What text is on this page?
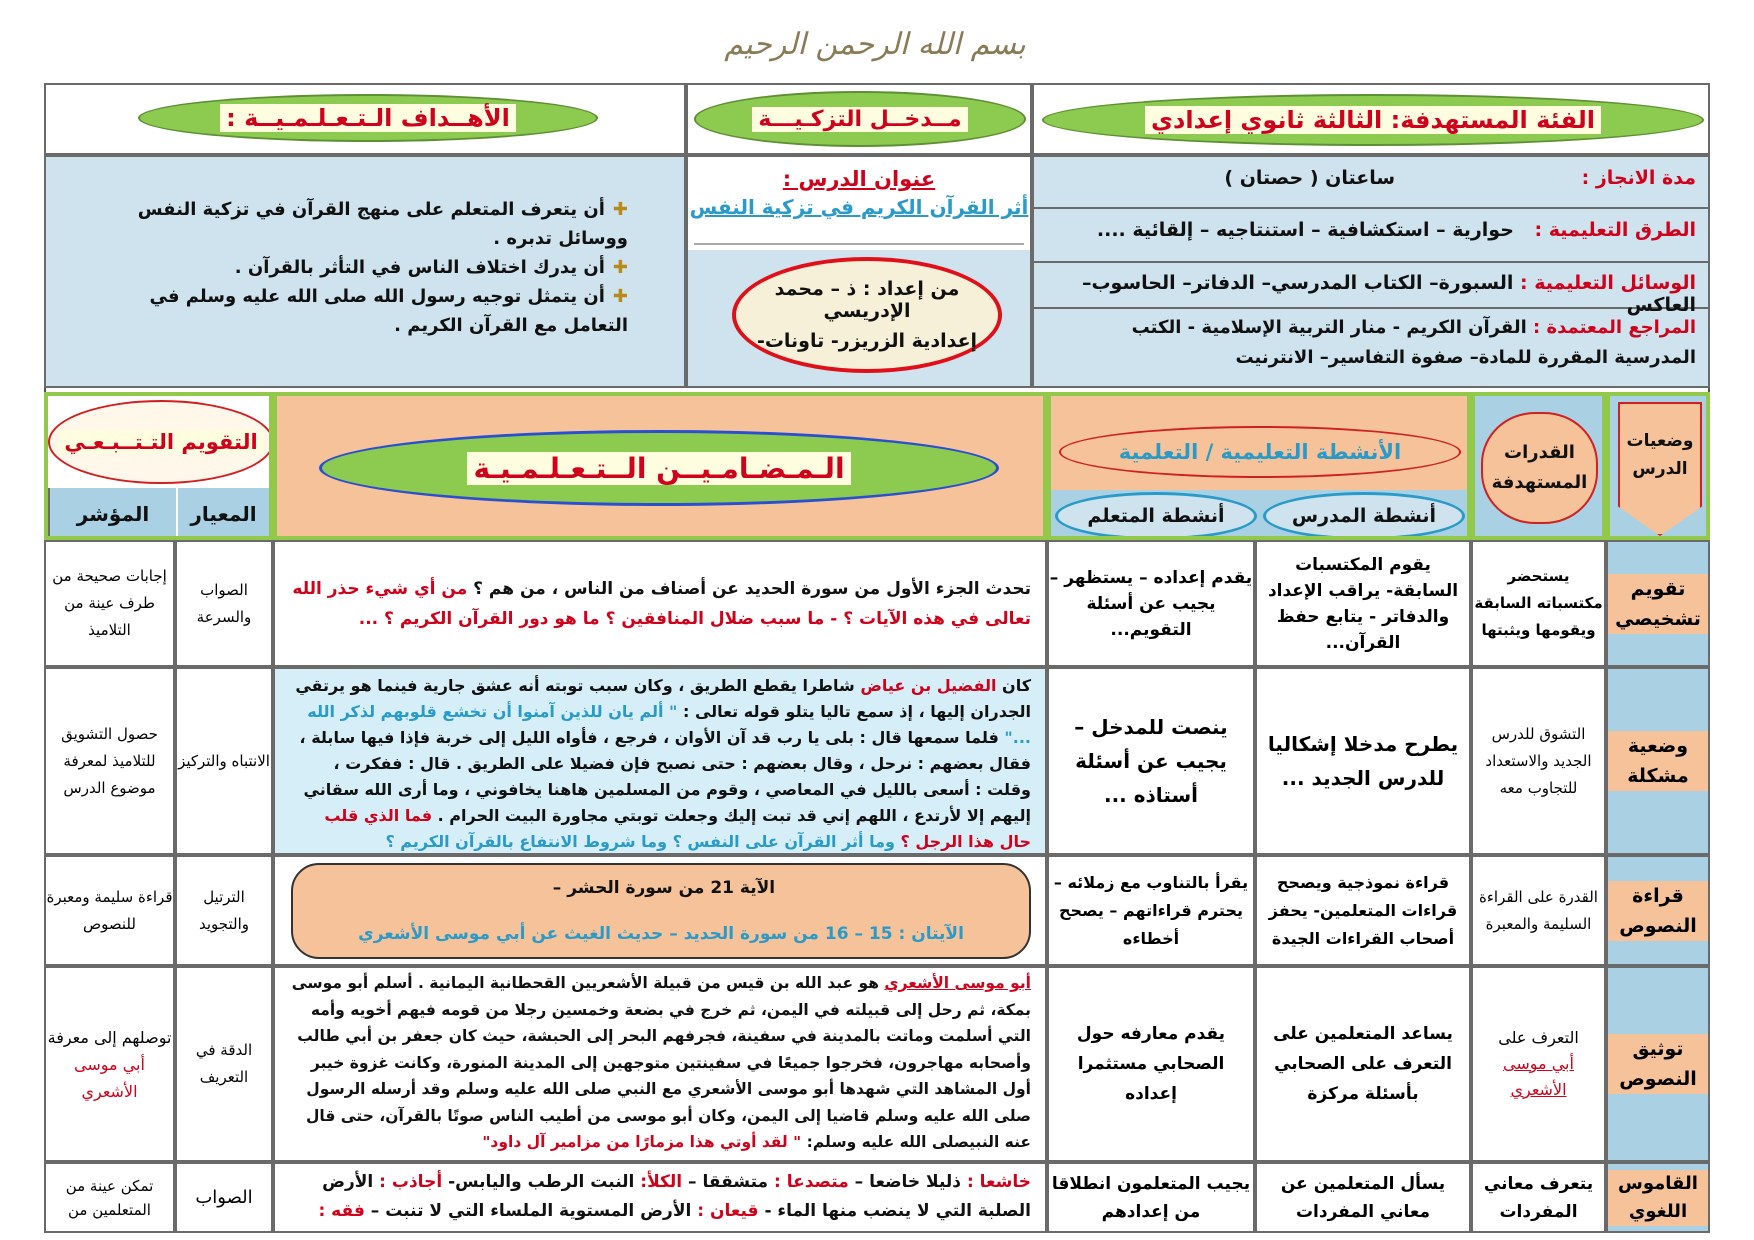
بسم الله الرحمن الرحيم
الفئة المستهدفة: الثالثة ثانوي إعدادي
مــدخــل التزكـيـــة
الأهــداف الـتـعـلـمـيــة :
مدة الانجاز : ساعتان ( حصتان )
الطرق التعليمية : حوارية – استكشافية – استنتاجيه – إلقائية ....
الوسائل التعليمية : السبورة– الكتاب المدرسي– الدفاتر– الحاسوب– العاكس
المراجع المعتمدة : القرآن الكريم - منار التربية الإسلامية - الكتب المدرسية المقررة للمادة– صفوة التفاسير– الانترنيت
عنوان الدرس :
أثر القرآن الكريم في تزكية النفس
من إعداد : ذ – محمد الإدريسي
إعدادية الزريزر- تاونات-
✚أن يتعرف المتعلم على منهج القرآن في تزكية النفس ووسائل تدبره .
✚أن يدرك اختلاف الناس في التأثر بالقرآن .
✚أن يتمثل توجيه رسول الله صلى الله عليه وسلم في التعامل مع القرآن الكريم .
وضعيات الدرس
القدرات المستهدفة
الأنشطة التعليمية / التعلمية
أنشطة المدرس
أنشطة المتعلم
الـمـضـامـيــن الــتـعـلـمـيـة
التقويم التـتــبـعـي
المؤشر	المعيار
تقويم تشخيصي
يستحضر مكتسباته السابقة ويقومها ويثبتها
يقوم المكتسبات السابقة- يراقب الإعداد والدفاتر - يتابع حفظ القرآن...
يقدم إعداده – يستظهر – يجيب عن أسئلة التقويم...
تحدث الجزء الأول من سورة الحديد عن أصناف من الناس ، من هم ؟ من أي شيء حذر الله تعالى في هذه الآيات ؟ - ما سبب ضلال المنافقين ؟ ما هو دور القرآن الكريم ؟ ...
الصواب والسرعة
إجابات صحيحة من طرف عينة من التلاميذ
وضعية مشكلة
التشوق للدرس الجديد والاستعداد للتجاوب معه
يطرح مدخلا إشكاليا للدرس الجديد ...
ينصت للمدخل – يجيب عن أسئلة أستاذه ...
كان الفضيل بن عياض شاطرا يقطع الطريق ، وكان سبب توبته أنه عشق جارية فينما هو يرتقي الجدران إليها ، إذ سمع تاليا يتلو قوله تعالى : " ألم يان للذين آمنوا أن تخشع قلوبهم لذكر الله ..." فلما سمعها قال : بلى يا رب قد آن الأوان ، فرجع ، فأواه الليل إلى خربة فإذا فيها سابلة ، فقال بعضهم : نرحل ، وقال بعضهم : حتى نصبح فإن فضيلا على الطريق . قال : ففكرت ، وقلت : أسعى بالليل في المعاصي ، وقوم من المسلمين هاهنا يخافوني ، وما أرى الله سقاني إليهم إلا لأرتدع ، اللهم إني قد تبت إليك وجعلت توبتي مجاورة البيت الحرام . فما الذي قلب حال هذا الرجل ؟ وما أثر القرآن على النفس ؟ وما شروط الانتفاع بالقرآن الكريم ؟
الانتباه والتركيز
حصول التشويق للتلاميذ لمعرفة موضوع الدرس
قراءة النصوص
القدرة على القراءة السليمة والمعبرة
قراءة نموذجية ويصحح قراءات المتعلمين- يحفز أصحاب القراءات الجيدة
يقرأ بالتناوب مع زملائه – يحترم قراءاتهم – يصحح أخطاءه
الآية 21 من سورة الحشر –

الآيتان : 15 – 16 من سورة الحديد – حديث الغيث عن أبي موسى الأشعري
الترتيل والتجويد
قراءة سليمة ومعبرة للنصوص
توثيق النصوص
التعرف على
أبي موسى الأشعري
يساعد المتعلمين على التعرف على الصحابي بأسئلة مركزة
يقدم معارفه حول الصحابي مستثمرا إعداده
أبو موسى الأشعري هو عبد الله بن قيس من قبيلة الأشعريين القحطانية اليمانية . أسلم أبو موسى بمكة، ثم رحل إلى قبيلته في اليمن، ثم خرج في بضعة وخمسين رجلا من قومه فيهم أخويه وأمه التي أسلمت وماتت بالمدينة في سفينة، فجرفهم البحر إلى الحبشة، حيث كان جعفر بن أبي طالب وأصحابه مهاجرون، فخرجوا جميعًا في سفينتين متوجهين إلى المدينة المنورة، وكانت غزوة خيبر أول المشاهد التي شهدها أبو موسى الأشعري مع النبي صلى الله عليه وسلم وقد أرسله الرسول صلى الله عليه وسلم قاضيا إلى اليمن، وكان أبو موسى من أطيب الناس صوتًا بالقرآن، حتى قال عنه النبيصلى الله عليه وسلم: " لقد أوتي هذا مزمارًا من مزامير آل داود"
الدقة في التعريف
توصلهم إلى معرفة
أبي موسى الأشعري
القاموس اللغوي
يتعرف معاني المفردات
يسأل المتعلمين عن معاني المفردات
يجيب المتعلمون انطلاقا من إعدادهم
خاشعا : ذليلا خاضعا – متصدعا : متشققا – الكلأ: النبت الرطب واليابس- أجاذب : الأرض الصلبة التي لا ينضب منها الماء - قيعان : الأرض المستوية الملساء التي لا تنبت – فقه :
الصواب
تمكن عينة من المتعلمين من
